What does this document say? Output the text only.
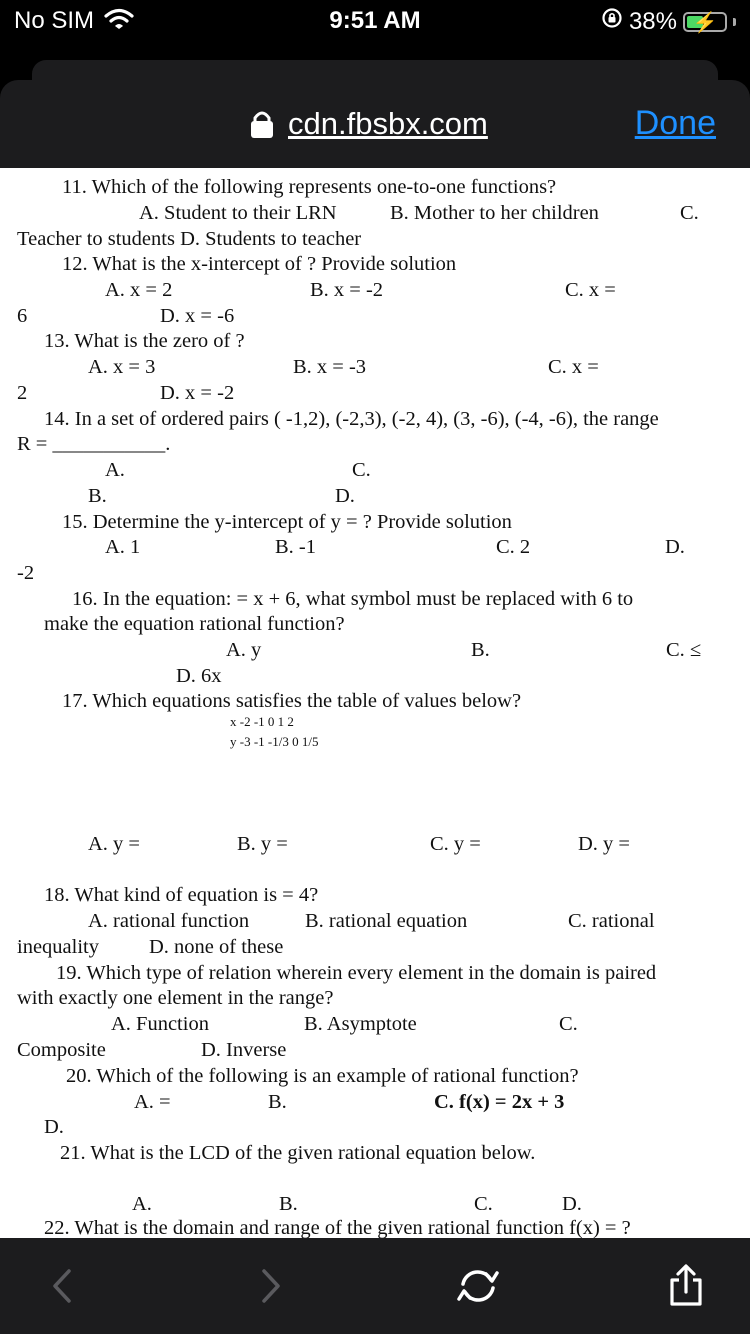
No SIM	9:51 AM	38% ⚡
cdn.fbsbx.com	Done
11. Which of the following represents one-to-one functions?
A. Student to their LRN	B. Mother to her children	C.
Teacher to students D. Students to teacher
12. What is the x-intercept of ? Provide solution
A. x = 2	B. x = -2	C. x =
6	D. x = -6
13. What is the zero of ?
A. x = 3	B. x = -3	C. x =
2	D. x = -2
14. In a set of ordered pairs ( -1,2), (-2,3), (-2, 4), (3, -6), (-4, -6), the range
R = ___________.
A.	C.
B.	D.
15. Determine the y-intercept of y = ? Provide solution
A. 1	B. -1	C. 2	D.
-2
16. In the equation: = x + 6, what symbol must be replaced with 6 to
make the equation rational function?
A. y	B.	C. ≤
D. 6x
17. Which equations satisfies the table of values below?
x -2 -1 0 1 2
y -3 -1 -1/3 0 1/5
A. y =	B. y =	C. y =	D. y =
18. What kind of equation is = 4?
A. rational function	B. rational equation	C. rational
inequality D. none of these
19. Which type of relation wherein every element in the domain is paired
with exactly one element in the range?
A. Function	B. Asymptote	C.
Composite	D. Inverse
20. Which of the following is an example of rational function?
A. =	B.	C. f(x) = 2x + 3
D.
21. What is the LCD of the given rational equation below.
A.	B.	C.	D.
22. What is the domain and range of the given rational function f(x) = ?
